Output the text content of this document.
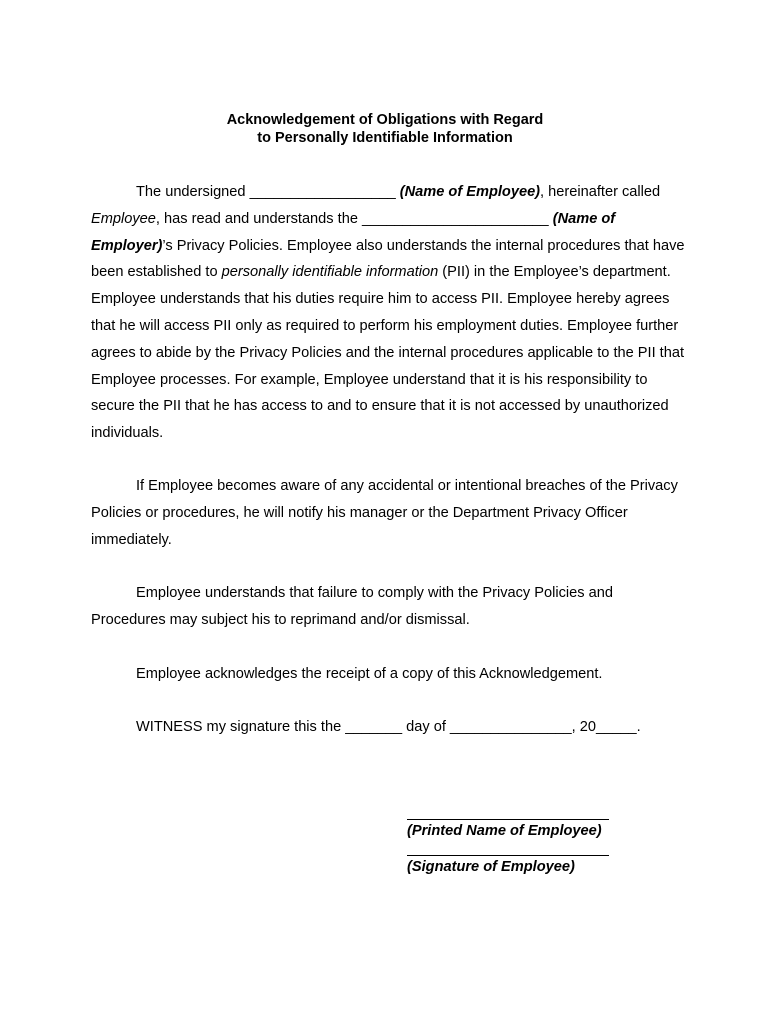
Acknowledgement of Obligations with Regard
to Personally Identifiable Information
The undersigned __________________ (Name of Employee), hereinafter called Employee, has read and understands the _______________________ (Name of Employer)’s Privacy Policies. Employee also understands the internal procedures that have been established to personally identifiable information (PII) in the Employee’s department. Employee understands that his duties require him to access PII. Employee hereby agrees that he will access PII only as required to perform his employment duties. Employee further agrees to abide by the Privacy Policies and the internal procedures applicable to the PII that Employee processes. For example, Employee understand that it is his responsibility to secure the PII that he has access to and to ensure that it is not accessed by unauthorized individuals.
If Employee becomes aware of any accidental or intentional breaches of the Privacy Policies or procedures, he will notify his manager or the Department Privacy Officer immediately.
Employee understands that failure to comply with the Privacy Policies and Procedures may subject his to reprimand and/or dismissal.
Employee acknowledges the receipt of a copy of this Acknowledgement.
WITNESS my signature this the _______ day of _______________, 20_____.
(Printed Name of Employee)
(Signature of Employee)
